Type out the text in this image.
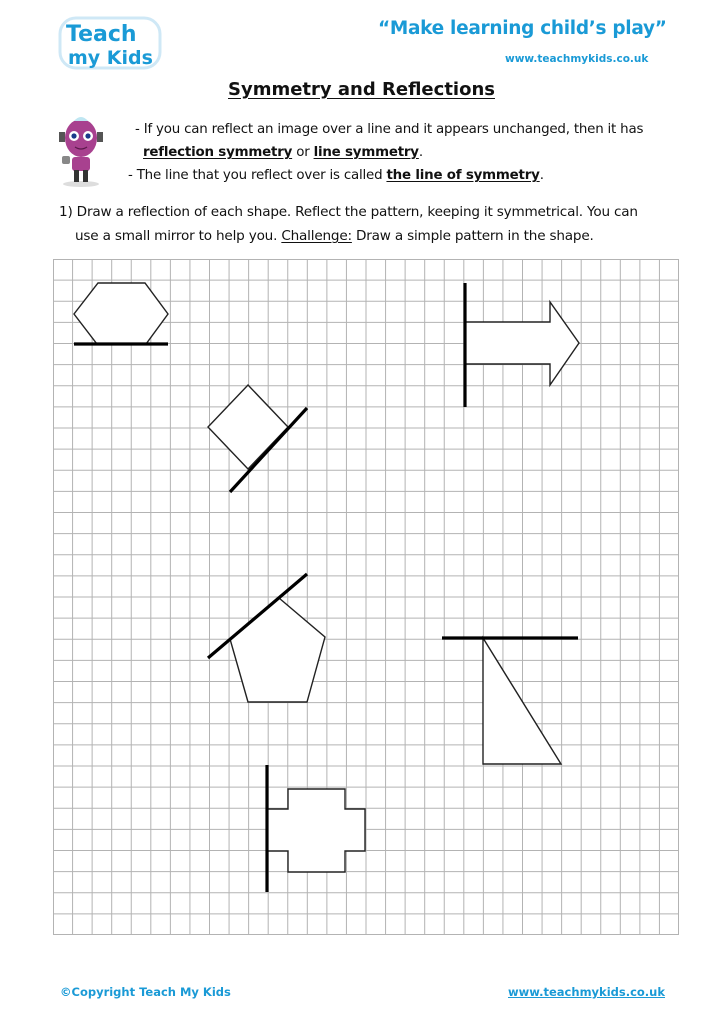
Teach
my Kids
“Make learning child’s play”
www.teachmykids.co.uk
Symmetry and Reflections
- If you can reflect an image over a line and it appears unchanged, then it has
reflection symmetry or line symmetry.
- The line that you reflect over is called the line of symmetry.
1) Draw a reflection of each shape. Reflect the pattern, keeping it symmetrical. You can
use a small mirror to help you. Challenge: Draw a simple pattern in the shape.
©Copyright Teach My Kids	www.teachmykids.co.uk
